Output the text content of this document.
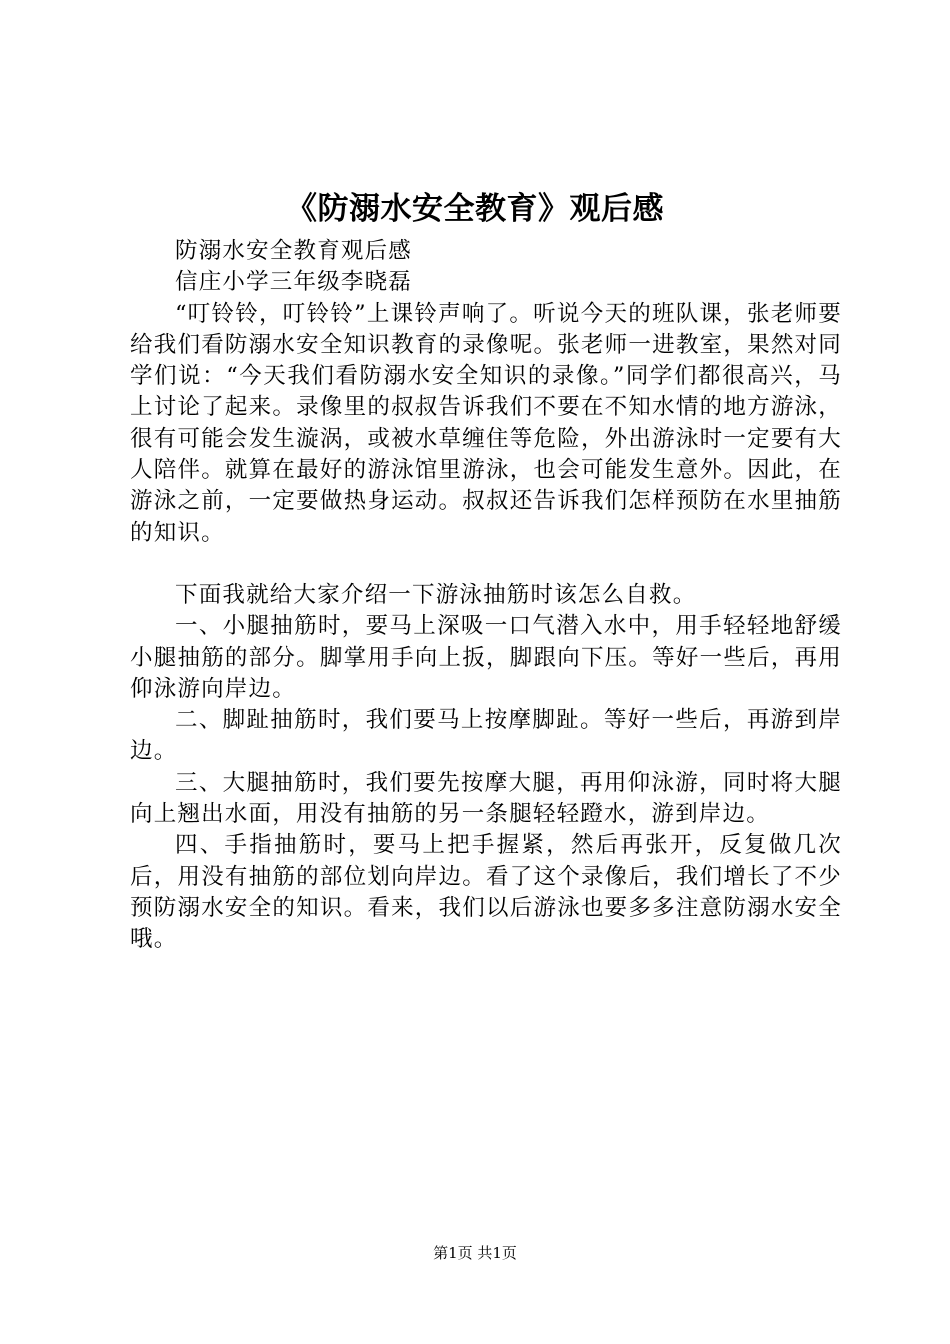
《防溺水安全教育》观后感

防溺水安全教育观后感

信庄小学三年级李晓磊

“叮铃铃，叮铃铃”上课铃声响了。听说今天的班队课，张老师要给我们看防溺水安全知识教育的录像呢。张老师一进教室，果然对同学们说：“今天我们看防溺水安全知识的录像。”同学们都很高兴，马上讨论了起来。录像里的叔叔告诉我们不要在不知水情的地方游泳，很有可能会发生漩涡，或被水草缠住等危险，外出游泳时一定要有大人陪伴。就算在最好的游泳馆里游泳，也会可能发生意外。因此，在游泳之前，一定要做热身运动。叔叔还告诉我们怎样预防在水里抽筋的知识。

下面我就给大家介绍一下游泳抽筋时该怎么自救。

一、小腿抽筋时，要马上深吸一口气潜入水中，用手轻轻地舒缓小腿抽筋的部分。脚掌用手向上扳，脚跟向下压。等好一些后，再用仰泳游向岸边。

二、脚趾抽筋时，我们要马上按摩脚趾。等好一些后，再游到岸边。

三、大腿抽筋时，我们要先按摩大腿，再用仰泳游，同时将大腿向上翘出水面，用没有抽筋的另一条腿轻轻蹬水，游到岸边。

四、手指抽筋时，要马上把手握紧，然后再张开，反复做几次后，用没有抽筋的部位划向岸边。看了这个录像后，我们增长了不少预防溺水安全的知识。看来，我们以后游泳也要多多注意防溺水安全哦。

第1页 共1页
